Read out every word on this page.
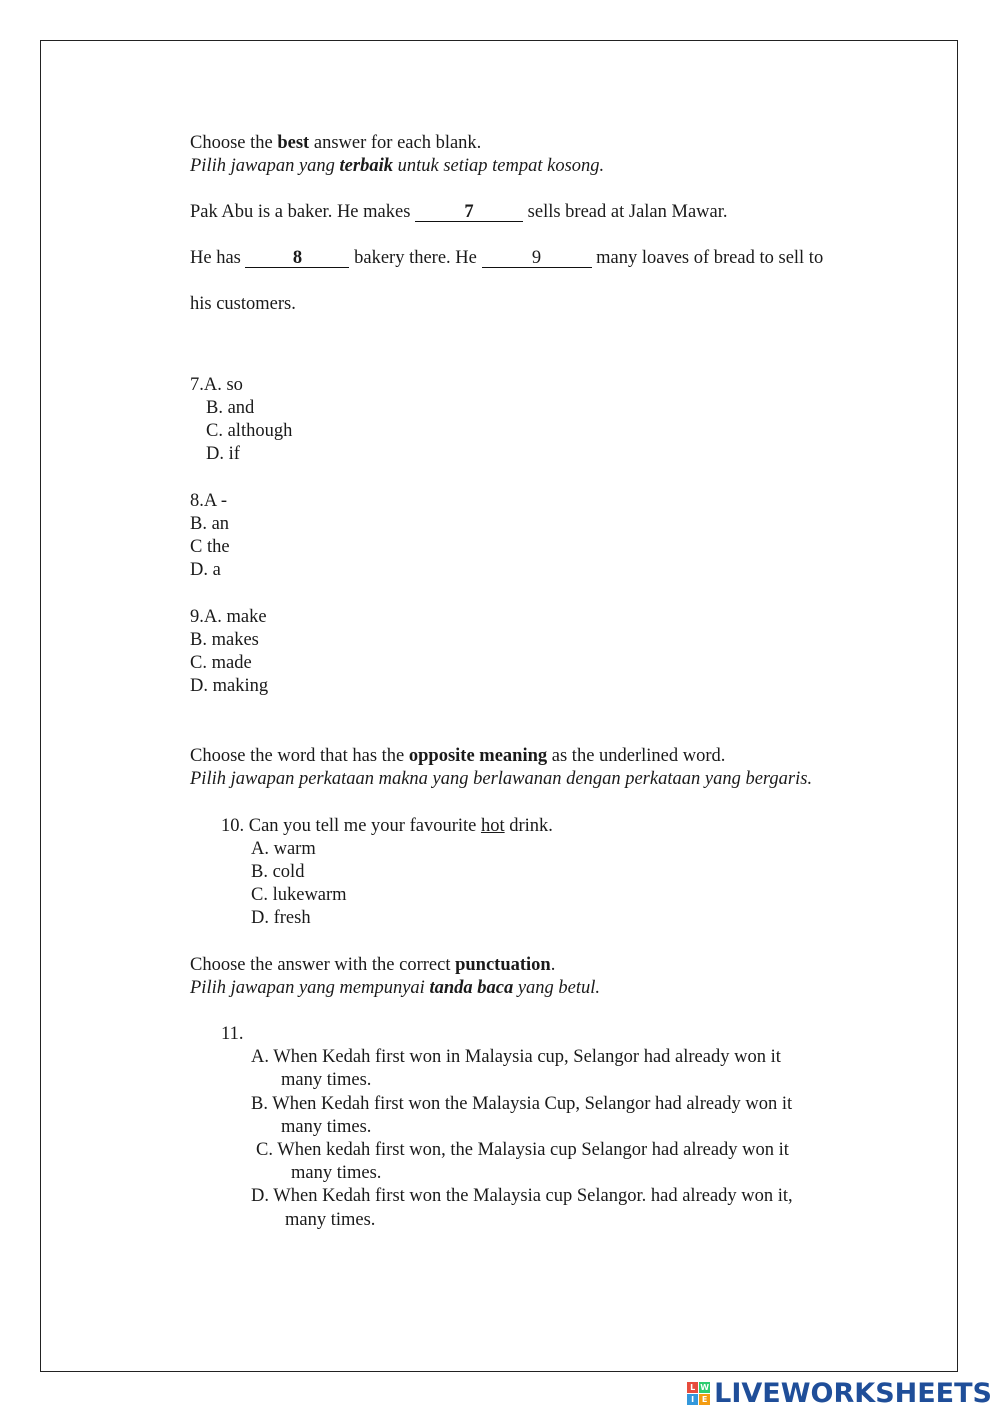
Choose the best answer for each blank.
Pilih jawapan yang terbaik untuk setiap tempat kosong.
Pak Abu is a baker. He makes	7	sells bread at Jalan Mawar.
He has	8	bakery there. He	9	many loaves of bread to sell to
his customers.
7.A. so
B. and
C. although
D. if
8.A -
B. an
C the
D. a
9.A. make
B. makes
C. made
D. making
Choose the word that has the opposite meaning as the underlined word.
Pilih jawapan perkataan makna yang berlawanan dengan perkataan yang bergaris.
10. Can you tell me your favourite hot drink.
A. warm
B. cold
C. lukewarm
D. fresh
Choose the answer with the correct punctuation.
Pilih jawapan yang mempunyai tanda baca yang betul.
11.
A. When Kedah first won in Malaysia cup, Selangor had already won it
many times.
B. When Kedah first won the Malaysia Cup, Selangor had already won it
many times.
C. When kedah first won, the Malaysia cup Selangor had already won it
many times.
D. When Kedah first won the Malaysia cup Selangor. had already won it,
many times.
L W
I E LIVEWORKSHEETS
